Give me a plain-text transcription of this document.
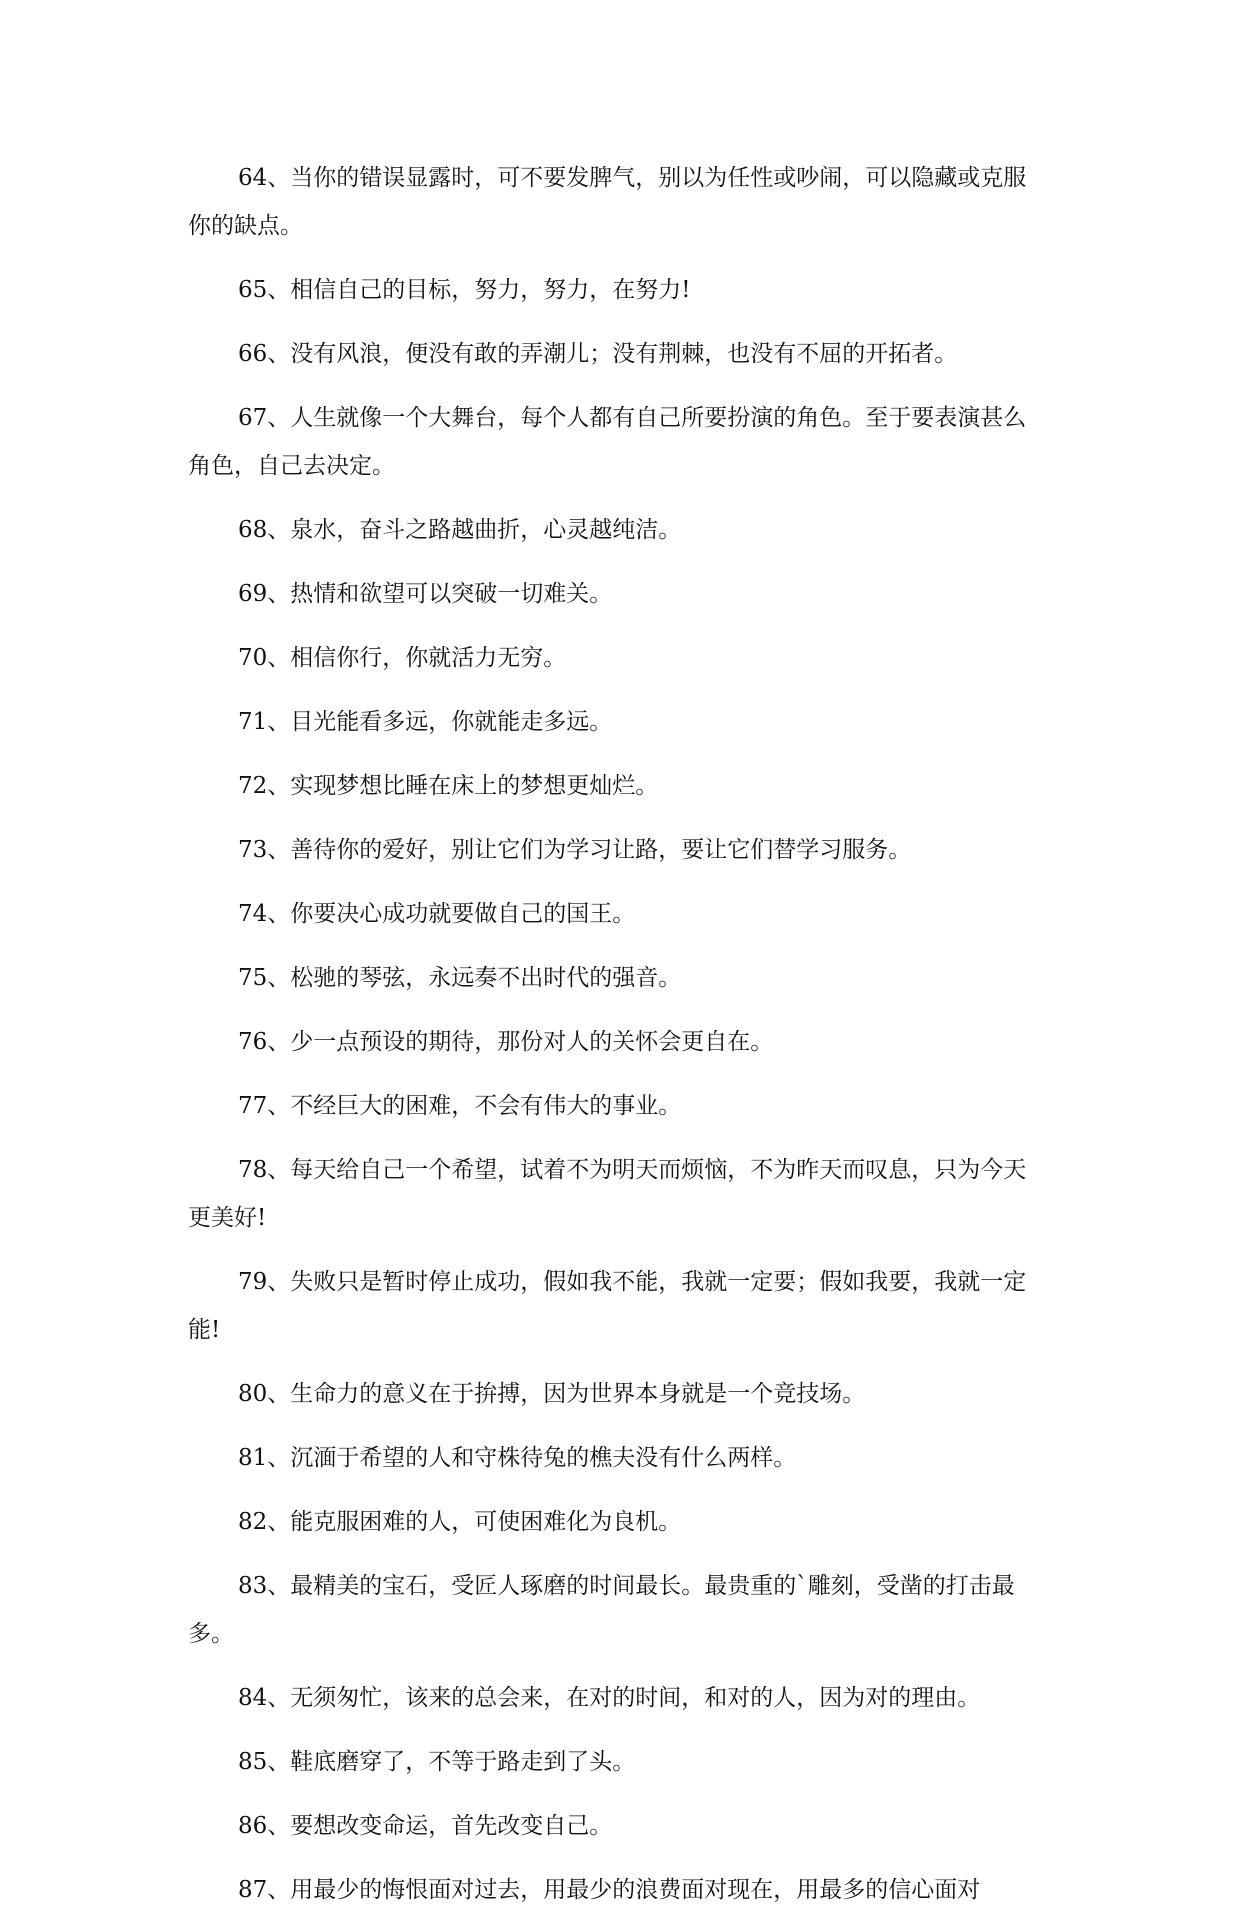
64、当你的错误显露时，可不要发脾气，别以为任性或吵闹，可以隐藏或克服你的缺点。

65、相信自己的目标，努力，努力，在努力!

66、没有风浪，便没有敢的弄潮儿；没有荆棘，也没有不屈的开拓者。

67、人生就像一个大舞台，每个人都有自己所要扮演的角色。至于要表演甚么角色，自己去决定。

68、泉水，奋斗之路越曲折，心灵越纯洁。

69、热情和欲望可以突破一切难关。

70、相信你行，你就活力无穷。

71、目光能看多远，你就能走多远。

72、实现梦想比睡在床上的梦想更灿烂。

73、善待你的爱好，别让它们为学习让路，要让它们替学习服务。

74、你要决心成功就要做自己的国王。

75、松驰的琴弦，永远奏不出时代的强音。

76、少一点预设的期待，那份对人的关怀会更自在。

77、不经巨大的困难，不会有伟大的事业。

78、每天给自己一个希望，试着不为明天而烦恼，不为昨天而叹息，只为今天更美好!

79、失败只是暂时停止成功，假如我不能，我就一定要；假如我要，我就一定能!

80、生命力的意义在于拚搏，因为世界本身就是一个竞技场。

81、沉湎于希望的人和守株待兔的樵夫没有什么两样。

82、能克服困难的人，可使困难化为良机。

83、最精美的宝石，受匠人琢磨的时间最长。最贵重的`雕刻，受凿的打击最多。

84、无须匆忙，该来的总会来，在对的时间，和对的人，因为对的理由。

85、鞋底磨穿了，不等于路走到了头。

86、要想改变命运，首先改变自己。

87、用最少的悔恨面对过去，用最少的浪费面对现在，用最多的信心面对
